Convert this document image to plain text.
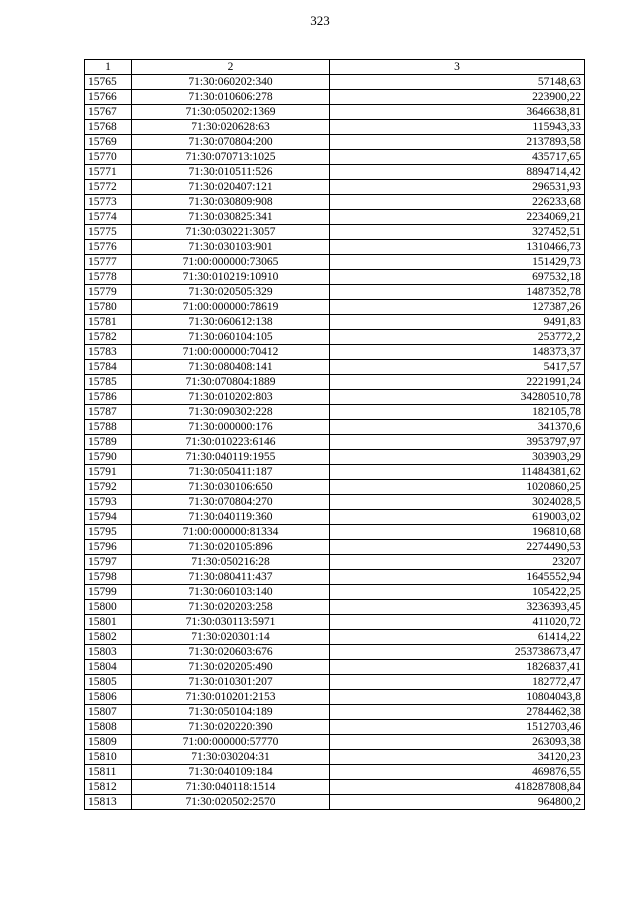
323
1	2	3
15765	71:30:060202:340	57148,63
15766	71:30:010606:278	223900,22
15767	71:30:050202:1369	3646638,81
15768	71:30:020628:63	115943,33
15769	71:30:070804:200	2137893,58
15770	71:30:070713:1025	435717,65
15771	71:30:010511:526	8894714,42
15772	71:30:020407:121	296531,93
15773	71:30:030809:908	226233,68
15774	71:30:030825:341	2234069,21
15775	71:30:030221:3057	327452,51
15776	71:30:030103:901	1310466,73
15777	71:00:000000:73065	151429,73
15778	71:30:010219:10910	697532,18
15779	71:30:020505:329	1487352,78
15780	71:00:000000:78619	127387,26
15781	71:30:060612:138	9491,83
15782	71:30:060104:105	253772,2
15783	71:00:000000:70412	148373,37
15784	71:30:080408:141	5417,57
15785	71:30:070804:1889	2221991,24
15786	71:30:010202:803	34280510,78
15787	71:30:090302:228	182105,78
15788	71:30:000000:176	341370,6
15789	71:30:010223:6146	3953797,97
15790	71:30:040119:1955	303903,29
15791	71:30:050411:187	11484381,62
15792	71:30:030106:650	1020860,25
15793	71:30:070804:270	3024028,5
15794	71:30:040119:360	619003,02
15795	71:00:000000:81334	196810,68
15796	71:30:020105:896	2274490,53
15797	71:30:050216:28	23207
15798	71:30:080411:437	1645552,94
15799	71:30:060103:140	105422,25
15800	71:30:020203:258	3236393,45
15801	71:30:030113:5971	411020,72
15802	71:30:020301:14	61414,22
15803	71:30:020603:676	253738673,47
15804	71:30:020205:490	1826837,41
15805	71:30:010301:207	182772,47
15806	71:30:010201:2153	10804043,8
15807	71:30:050104:189	2784462,38
15808	71:30:020220:390	1512703,46
15809	71:00:000000:57770	263093,38
15810	71:30:030204:31	34120,23
15811	71:30:040109:184	469876,55
15812	71:30:040118:1514	418287808,84
15813	71:30:020502:2570	964800,2
